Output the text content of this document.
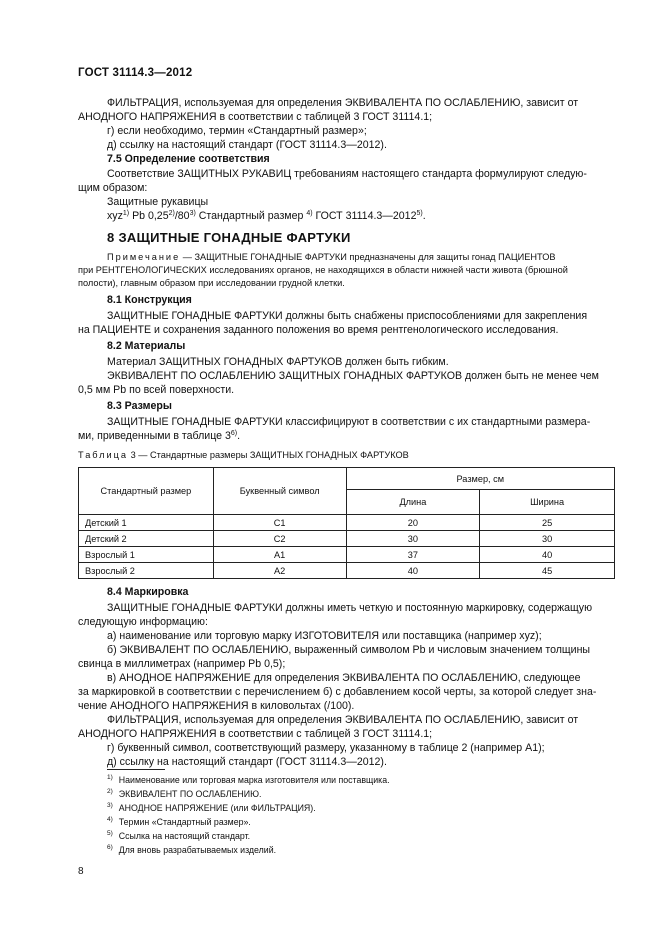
ГОСТ 31114.3—2012

ФИЛЬТРАЦИЯ, используемая для определения ЭКВИВАЛЕНТА ПО ОСЛАБЛЕНИЮ, зависит от

АНОДНОГО НАПРЯЖЕНИЯ в соответствии с таблицей 3 ГОСТ 31114.1;

г) если необходимо, термин «Стандартный размер»;

д) ссылку на настоящий стандарт (ГОСТ 31114.3—2012).

7.5 Определение соответствия

Соответствие ЗАЩИТНЫХ РУКАВИЦ требованиям настоящего стандарта формулируют следую-

щим образом:

Защитные рукавицы

xyz$^{1)}$ Pb 0,25$^{2)}$/80$^{3)}$ Стандартный размер $^{4)}$ ГОСТ 31114.3—2012$^{5)}$.

8 ЗАЩИТНЫЕ ГОНАДНЫЕ ФАРТУКИ
Примечание — ЗАЩИТНЫЕ ГОНАДНЫЕ ФАРТУКИ предназначены для защиты гонад ПАЦИЕНТОВ
при РЕНТГЕНОЛОГИЧЕСКИХ исследованиях органов, не находящихся в области нижней части живота (брюшной
полости), главным образом при исследовании грудной клетки.

8.1 Конструкция

ЗАЩИТНЫЕ ГОНАДНЫЕ ФАРТУКИ должны быть снабжены приспособлениями для закрепления

на ПАЦИЕНТЕ и сохранения заданного положения во время рентгенологического исследования.

8.2 Материалы

Материал ЗАЩИТНЫХ ГОНАДНЫХ ФАРТУКОВ должен быть гибким.

ЭКВИВАЛЕНТ ПО ОСЛАБЛЕНИЮ ЗАЩИТНЫХ ГОНАДНЫХ ФАРТУКОВ должен быть не менее чем

0,5 мм Pb по всей поверхности.

8.3 Размеры

ЗАЩИТНЫЕ ГОНАДНЫЕ ФАРТУКИ классифицируют в соответствии с их стандартными размера-

ми, приведенными в таблице 3$^{6)}$.

Таблица 3 — Стандартные размеры ЗАЩИТНЫХ ГОНАДНЫХ ФАРТУКОВ
Стандартный размер	Буквенный символ	Размер, см	
		Длина	Ширина
Детский 1	С1	20	25
Детский 2	С2	30	30
Взрослый 1	А1	37	40
Взрослый 2	А2	40	45

8.4 Маркировка

ЗАЩИТНЫЕ ГОНАДНЫЕ ФАРТУКИ должны иметь четкую и постоянную маркировку, содержащую

следующую информацию:

а) наименование или торговую марку ИЗГОТОВИТЕЛЯ или поставщика (например xyz);

б) ЭКВИВАЛЕНТ ПО ОСЛАБЛЕНИЮ, выраженный символом Pb и числовым значением толщины

свинца в миллиметрах (например Pb 0,5);

в) АНОДНОЕ НАПРЯЖЕНИЕ для определения ЭКВИВАЛЕНТА ПО ОСЛАБЛЕНИЮ, следующее

за маркировкой в соответствии с перечислением б) с добавлением косой черты, за которой следует зна-

чение АНОДНОГО НАПРЯЖЕНИЯ в киловольтах (/100).

ФИЛЬТРАЦИЯ, используемая для определения ЭКВИВАЛЕНТА ПО ОСЛАБЛЕНИЮ, зависит от

АНОДНОГО НАПРЯЖЕНИЯ в соответствии с таблицей 3 ГОСТ 31114.1;

г) буквенный символ, соответствующий размеру, указанному в таблице 2 (например А1);

д) ссылку на настоящий стандарт (ГОСТ 31114.3—2012).

$^{1)}$ Наименование или торговая марка изготовителя или поставщика.
$^{2)}$ ЭКВИВАЛЕНТ ПО ОСЛАБЛЕНИЮ.
$^{3)}$ АНОДНОЕ НАПРЯЖЕНИЕ (или ФИЛЬТРАЦИЯ).
$^{4)}$ Термин «Стандартный размер».
$^{5)}$ Ссылка на настоящий стандарт.
$^{6)}$ Для вновь разрабатываемых изделий.
8
